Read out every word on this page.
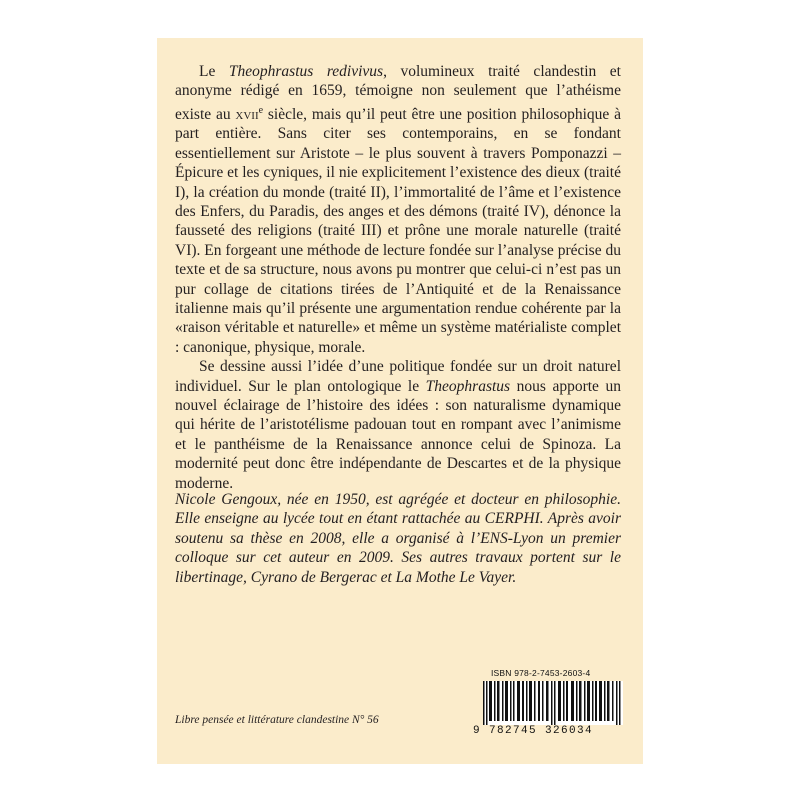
Le Theophrastus redivivus, volumineux traité clandestin et anonyme rédigé en 1659, témoigne non seulement que l’athéisme existe au xvii$^e$ siècle, mais qu’il peut être une position philosophique à part entière. Sans citer ses contemporains, en se fondant essentiellement sur Aristote – le plus souvent à travers Pomponazzi – Épicure et les cyniques, il nie explicitement l’existence des dieux (traité I), la création du monde (traité II), l’immortalité de l’âme et l’existence des Enfers, du Paradis, des anges et des démons (traité IV), dénonce la fausseté des religions (traité III) et prône une morale naturelle (traité VI). En forgeant une méthode de lecture fondée sur l’analyse précise du texte et de sa structure, nous avons pu montrer que celui-ci n’est pas un pur collage de citations tirées de l’Antiquité et de la Renaissance italienne mais qu’il présente une argumentation rendue cohérente par la «raison véritable et naturelle» et même un système matérialiste complet : canonique, physique, morale.

Se dessine aussi l’idée d’une politique fondée sur un droit naturel individuel. Sur le plan ontologique le Theophrastus nous apporte un nouvel éclairage de l’histoire des idées : son naturalisme dynamique qui hérite de l’aristotélisme padouan tout en rompant avec l’animisme et le panthéisme de la Renaissance annonce celui de Spinoza. La modernité peut donc être indépendante de Descartes et de la physique moderne.

Nicole Gengoux, née en 1950, est agrégée et docteur en philosophie. Elle enseigne au lycée tout en étant rattachée au CERPHI. Après avoir soutenu sa thèse en 2008, elle a organisé à l’ENS-Lyon un premier colloque sur cet auteur en 2009. Ses autres travaux portent sur le libertinage, Cyrano de Bergerac et La Mothe Le Vayer.
Libre pensée et littérature clandestine N° 56
ISBN 978-2-7453-2603-4
9 782745 326034
